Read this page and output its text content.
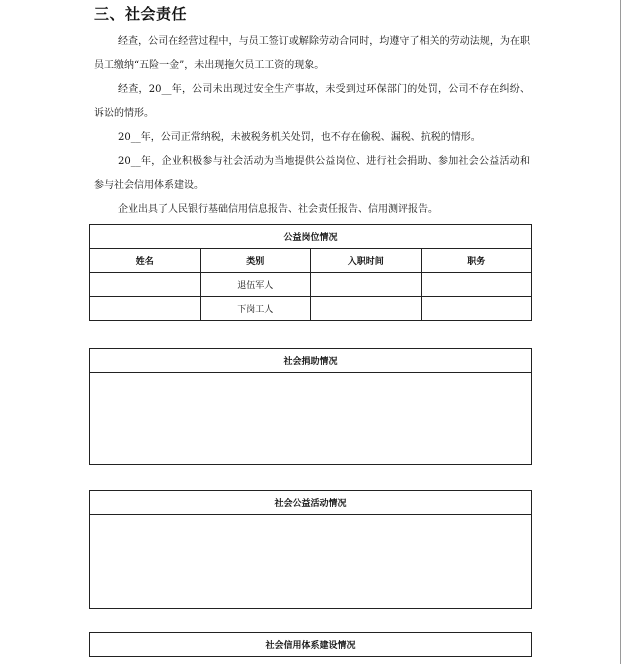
三、社会责任

经查，公司在经营过程中，与员工签订或解除劳动合同时，均遵守了相关的劳动法规，为在职员工缴纳“五险一金”，未出现拖欠员工工资的现象。

经查，20__年，公司未出现过安全生产事故，未受到过环保部门的处罚，公司不存在纠纷、诉讼的情形。

20__年，公司正常纳税，未被税务机关处罚，也不存在偷税、漏税、抗税的情形。

20__年，企业积极参与社会活动为当地提供公益岗位、进行社会捐助、参加社会公益活动和参与社会信用体系建设。

企业出具了人民银行基础信用信息报告、社会责任报告、信用测评报告。

公益岗位情况			
姓名	类别	入职时间	职务
	退伍军人		
	下岗工人		
社会捐助情况

社会公益活动情况

社会信用体系建设情况
